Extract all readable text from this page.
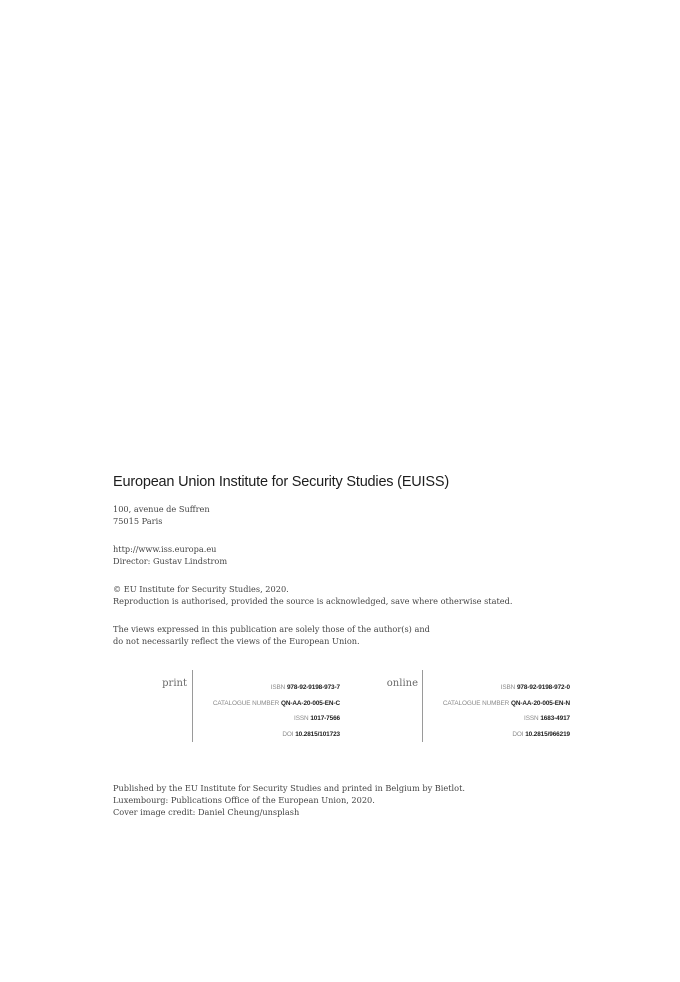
European Union Institute for Security Studies (EUISS)
100, avenue de Suffren
75015 Paris
http://www.iss.europa.eu
Director: Gustav Lindstrom
© EU Institute for Security Studies, 2020.
Reproduction is authorised, provided the source is acknowledged, save where otherwise stated.
The views expressed in this publication are solely those of the author(s) and
do not necessarily reflect the views of the European Union.
print	ISBN 978-92-9198-973-7
CATALOGUE NUMBER QN-AA-20-005-EN-C
ISSN 1017-7566
DOI 10.2815/101723
online	ISBN 978-92-9198-972-0
CATALOGUE NUMBER QN-AA-20-005-EN-N
ISSN 1683-4917
DOI 10.2815/966219
Published by the EU Institute for Security Studies and printed in Belgium by Bietlot.
Luxembourg: Publications Office of the European Union, 2020.
Cover image credit: Daniel Cheung/unsplash
